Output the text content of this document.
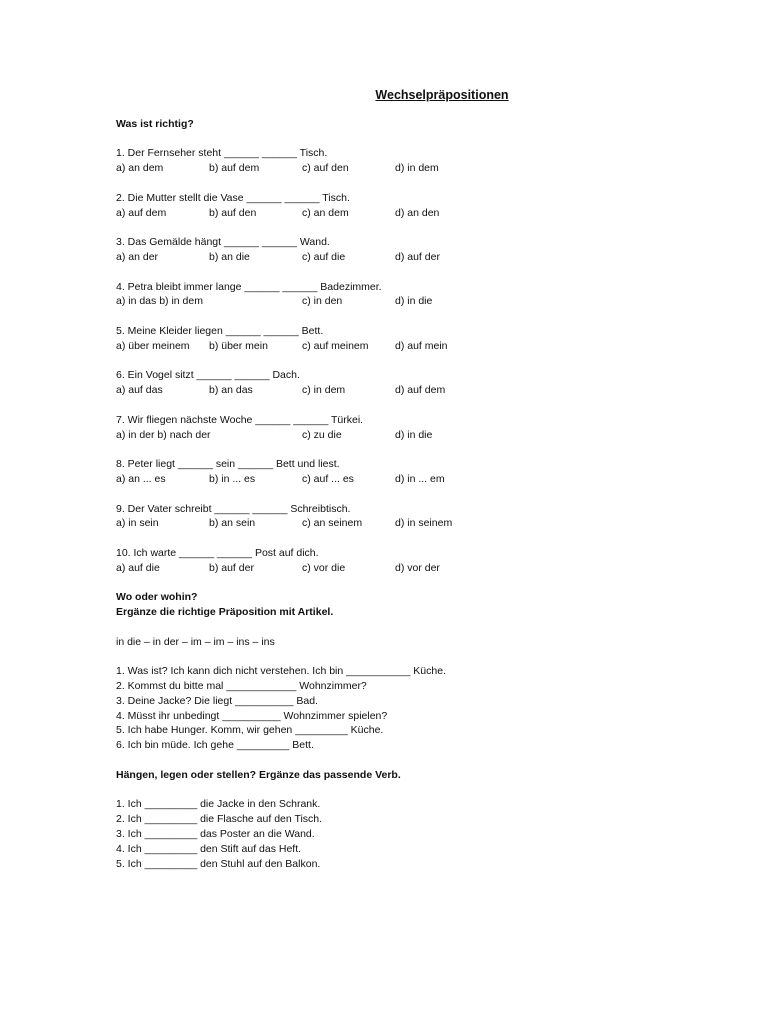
Wechselpräpositionen

Was ist richtig?

1. Der Fernseher steht ______ ______ Tisch.

a) an dem	b) auf dem	c) auf den	d) in dem

2. Die Mutter stellt die Vase ______ ______ Tisch.

a) auf dem	b) auf den	c) an dem	d) an den

3. Das Gemälde hängt ______ ______ Wand.

a) an der	b) an die	c) auf die	d) auf der

4. Petra bleibt immer lange ______ ______ Badezimmer.

a) in das b) in dem	c) in den	d) in die

5. Meine Kleider liegen ______ ______ Bett.

a) über meinem	b) über mein	c) auf meinem	d) auf mein

6. Ein Vogel sitzt ______ ______ Dach.

a) auf das	b) an das	c) in dem	d) auf dem

7. Wir fliegen nächste Woche ______ ______ Türkei.

a) in der b) nach der	c) zu die	d) in die

8. Peter liegt ______ sein ______ Bett und liest.

a) an ... es	b) in ... es	c) auf ... es	d) in ... em

9. Der Vater schreibt ______ ______ Schreibtisch.

a) in sein	b) an sein	c) an seinem	d) in seinem

10. Ich warte ______ ______ Post auf dich.

a) auf die	b) auf der	c) vor die	d) vor der

Wo oder wohin?

Ergänze die richtige Präposition mit Artikel.

in die – in der – im – im – ins – ins

1. Was ist? Ich kann dich nicht verstehen. Ich bin ___________ Küche.

2. Kommst du bitte mal ____________ Wohnzimmer?

3. Deine Jacke? Die liegt __________ Bad.

4. Müsst ihr unbedingt __________ Wohnzimmer spielen?

5. Ich habe Hunger. Komm, wir gehen _________ Küche.

6. Ich bin müde. Ich gehe _________ Bett.

Hängen, legen oder stellen? Ergänze das passende Verb.

1. Ich _________ die Jacke in den Schrank.

2. Ich _________ die Flasche auf den Tisch.

3. Ich _________ das Poster an die Wand.

4. Ich _________ den Stift auf das Heft.

5. Ich _________ den Stuhl auf den Balkon.
